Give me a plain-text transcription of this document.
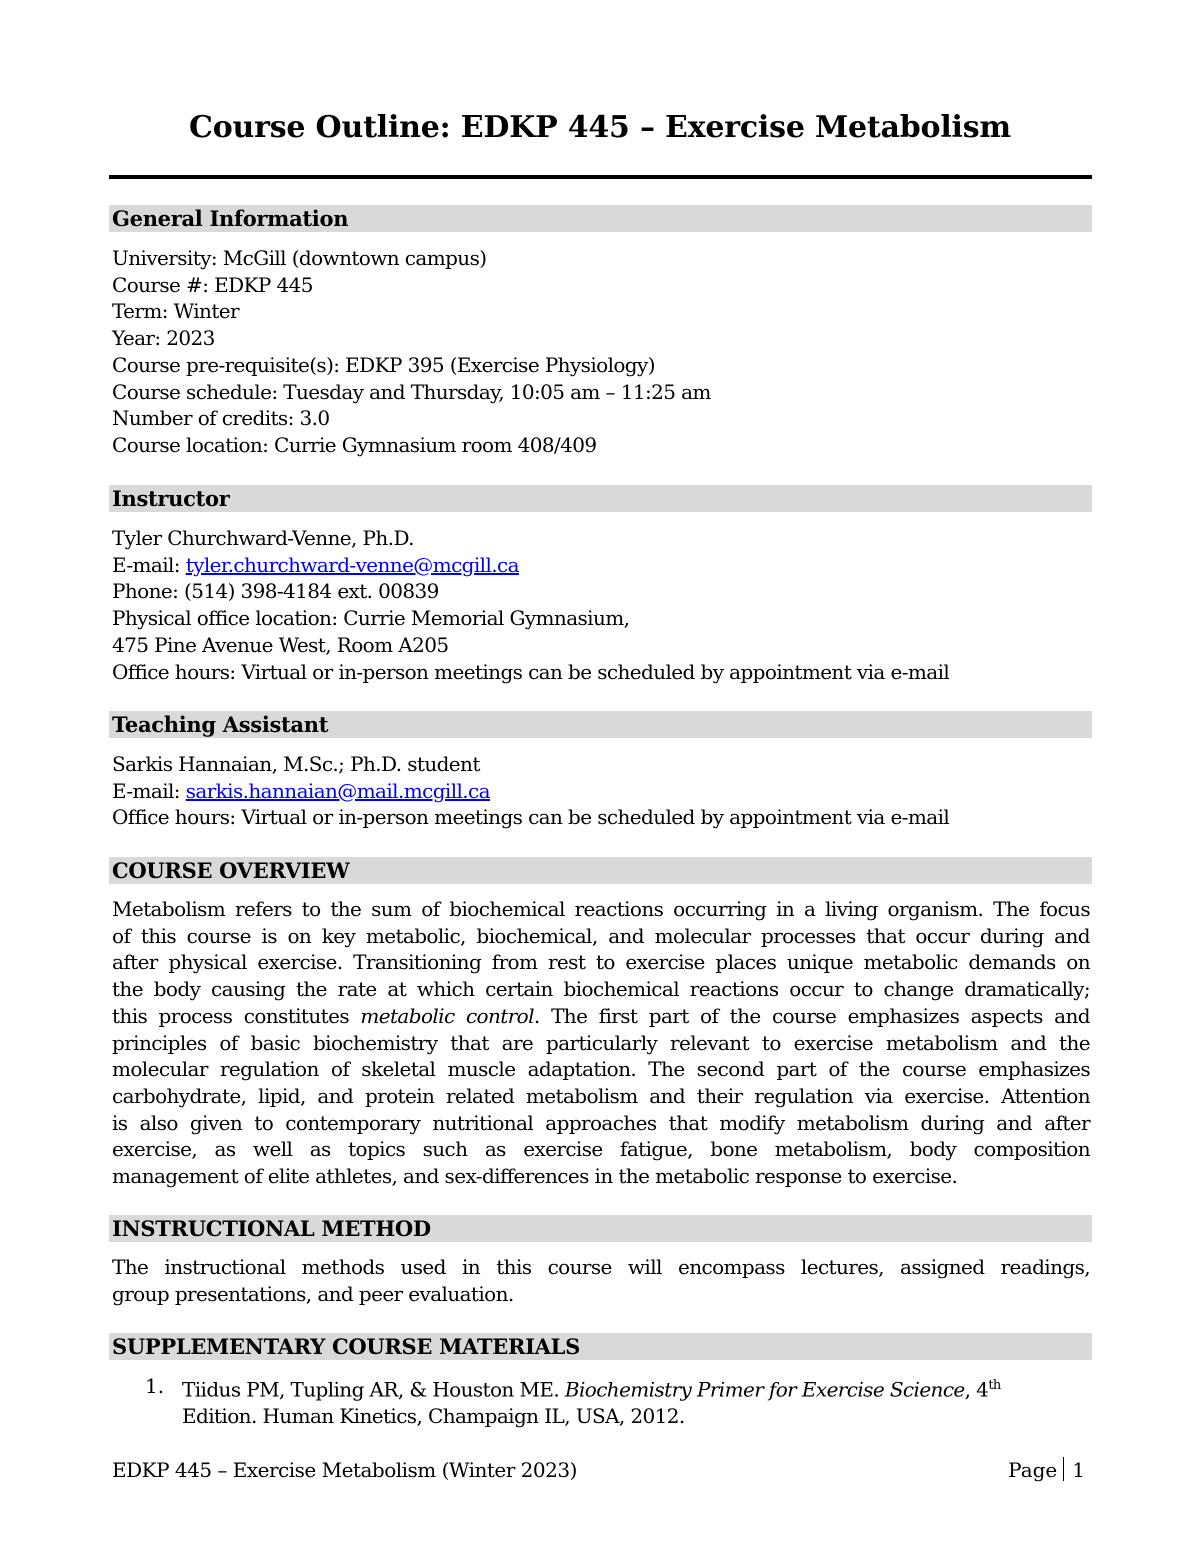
Course Outline: EDKP 445 – Exercise Metabolism
General Information
University: McGill (downtown campus)
Course #: EDKP 445
Term: Winter
Year: 2023
Course pre-requisite(s): EDKP 395 (Exercise Physiology)
Course schedule: Tuesday and Thursday, 10:05 am – 11:25 am
Number of credits: 3.0
Course location: Currie Gymnasium room 408/409
Instructor
Tyler Churchward-Venne, Ph.D.
E-mail: tyler.churchward-venne@mcgill.ca
Phone: (514) 398-4184 ext. 00839
Physical office location: Currie Memorial Gymnasium,
475 Pine Avenue West, Room A205
Office hours: Virtual or in-person meetings can be scheduled by appointment via e-mail
Teaching Assistant
Sarkis Hannaian, M.Sc.; Ph.D. student
E-mail: sarkis.hannaian@mail.mcgill.ca
Office hours: Virtual or in-person meetings can be scheduled by appointment via e-mail
COURSE OVERVIEW
Metabolism refers to the sum of biochemical reactions occurring in a living organism. The focus
of this course is on key metabolic, biochemical, and molecular processes that occur during and
after physical exercise. Transitioning from rest to exercise places unique metabolic demands on
the body causing the rate at which certain biochemical reactions occur to change dramatically;
this process constitutes metabolic control. The first part of the course emphasizes aspects and
principles of basic biochemistry that are particularly relevant to exercise metabolism and the
molecular regulation of skeletal muscle adaptation. The second part of the course emphasizes
carbohydrate, lipid, and protein related metabolism and their regulation via exercise. Attention
is also given to contemporary nutritional approaches that modify metabolism during and after
exercise, as well as topics such as exercise fatigue, bone metabolism, body composition
management of elite athletes, and sex-differences in the metabolic response to exercise.
INSTRUCTIONAL METHOD
The instructional methods used in this course will encompass lectures, assigned readings,
group presentations, and peer evaluation.
SUPPLEMENTARY COURSE MATERIALS
1. Tiidus PM, Tupling AR, & Houston ME. Biochemistry Primer for Exercise Science, 4th
Edition. Human Kinetics, Champaign IL, USA, 2012.
EDKP 445 – Exercise Metabolism (Winter 2023)	Page 1
